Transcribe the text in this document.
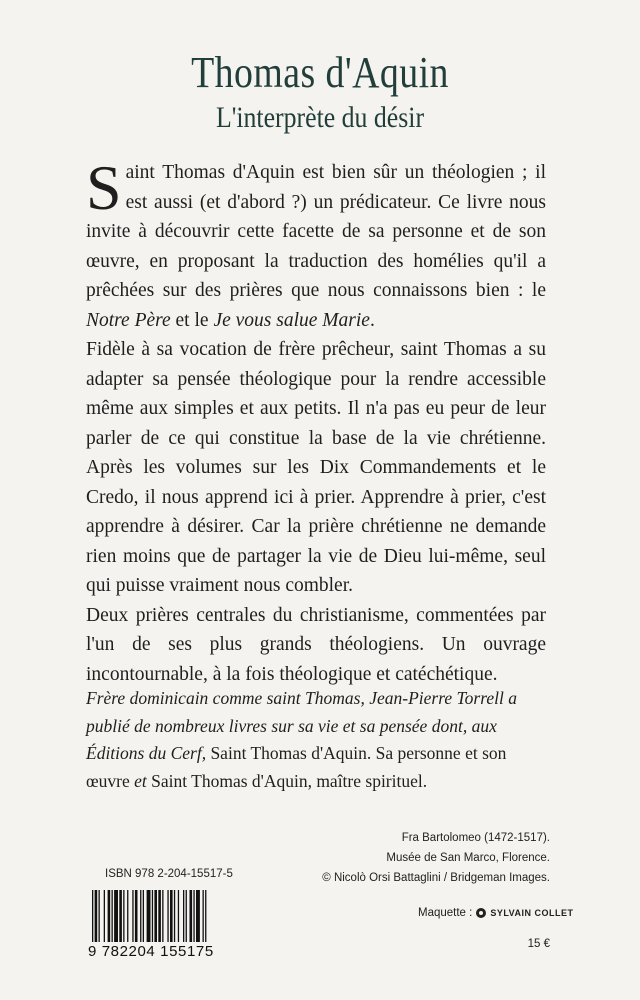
Thomas d'Aquin
L'interprète du désir

Saint Thomas d'Aquin est bien sûr un théologien ; il est aussi (et d'abord ?) un prédicateur. Ce livre nous invite à découvrir cette facette de sa personne et de son œuvre, en proposant la traduction des homélies qu'il a prêchées sur des prières que nous connaissons bien : le Notre Père et le Je vous salue Marie.

Fidèle à sa vocation de frère prêcheur, saint Thomas a su adapter sa pensée théologique pour la rendre accessible même aux simples et aux petits. Il n'a pas eu peur de leur parler de ce qui constitue la base de la vie chrétienne. Après les volumes sur les Dix Commandements et le Credo, il nous apprend ici à prier. Apprendre à prier, c'est apprendre à désirer. Car la prière chrétienne ne demande rien moins que de partager la vie de Dieu lui-même, seul qui puisse vraiment nous combler.

Deux prières centrales du christianisme, commentées par l'un de ses plus grands théologiens. Un ouvrage incontournable, à la fois théologique et catéchétique.

Frère dominicain comme saint Thomas, Jean-Pierre Torrell a publié de nombreux livres sur sa vie et sa pensée dont, aux Éditions du Cerf, Saint Thomas d'Aquin. Sa personne et son œuvre et Saint Thomas d'Aquin, maître spirituel.

Fra Bartolomeo (1472-1517).
Musée de San Marco, Florence.
© Nicolò Orsi Battaglini / Bridgeman Images.
ISBN 978 2-204-15517-5
9 782204 155175
Maquette : SYLVAIN COLLET
15 €
